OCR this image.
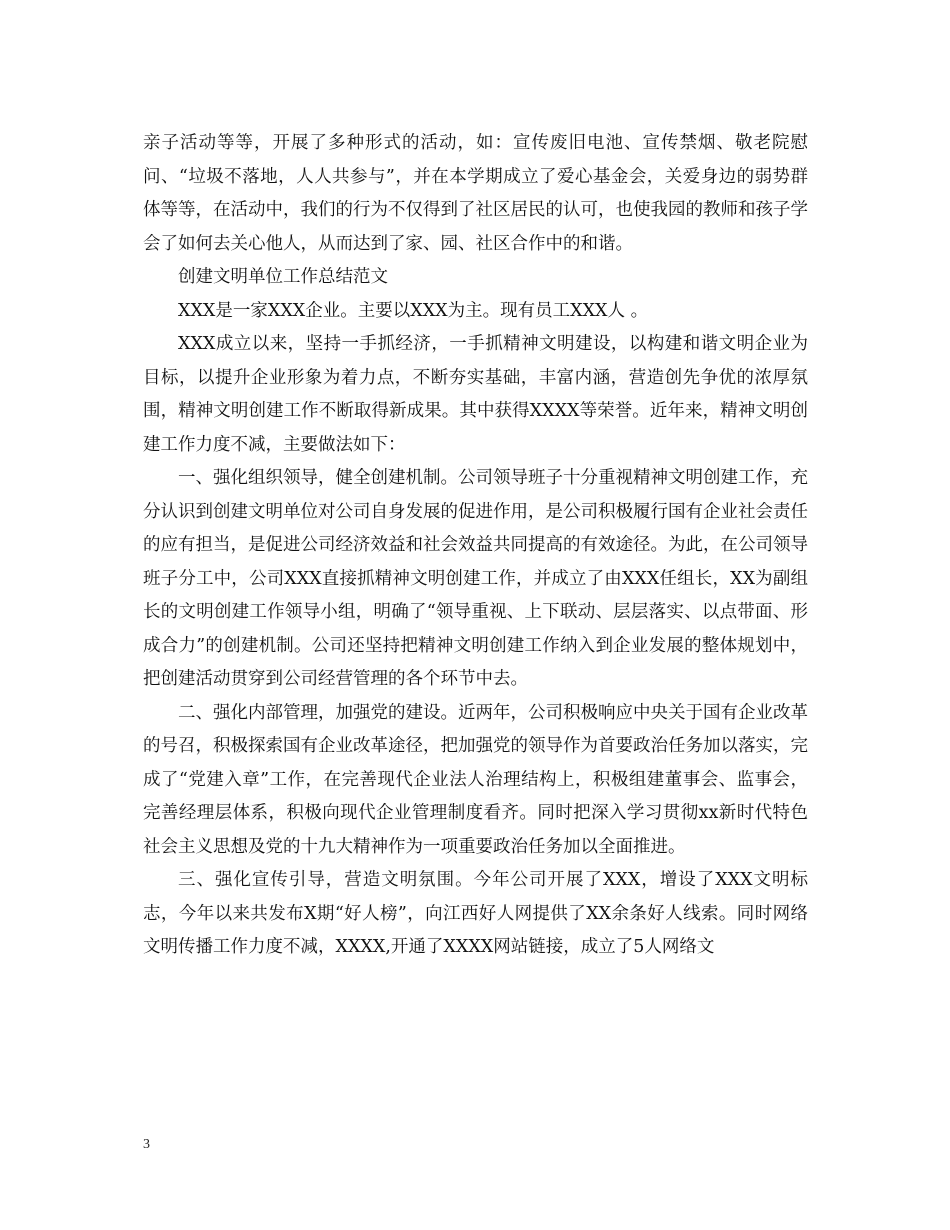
亲子活动等等，开展了多种形式的活动，如：宣传废旧电池、宣传禁烟、敬老院慰问、“垃圾不落地，人人共参与”，并在本学期成立了爱心基金会，关爱身边的弱势群体等等，在活动中，我们的行为不仅得到了社区居民的认可，也使我园的教师和孩子学会了如何去关心他人，从而达到了家、园、社区合作中的和谐。

创建文明单位工作总结范文

XXX是一家XXX企业。主要以XXX为主。现有员工XXX人 。

XXX成立以来，坚持一手抓经济，一手抓精神文明建设，以构建和谐文明企业为目标，以提升企业形象为着力点，不断夯实基础，丰富内涵，营造创先争优的浓厚氛围，精神文明创建工作不断取得新成果。其中获得XXXX等荣誉。近年来，精神文明创建工作力度不减，主要做法如下：

一、强化组织领导，健全创建机制。公司领导班子十分重视精神文明创建工作，充分认识到创建文明单位对公司自身发展的促进作用，是公司积极履行国有企业社会责任的应有担当，是促进公司经济效益和社会效益共同提高的有效途径。为此，在公司领导班子分工中，公司XXX直接抓精神文明创建工作，并成立了由XXX任组长，XX为副组长的文明创建工作领导小组，明确了“领导重视、上下联动、层层落实、以点带面、形成合力”的创建机制。公司还坚持把精神文明创建工作纳入到企业发展的整体规划中，把创建活动贯穿到公司经营管理的各个环节中去。

二、强化内部管理，加强党的建设。近两年，公司积极响应中央关于国有企业改革的号召，积极探索国有企业改革途径，把加强党的领导作为首要政治任务加以落实，完成了“党建入章”工作，在完善现代企业法人治理结构上，积极组建董事会、监事会，完善经理层体系，积极向现代企业管理制度看齐。同时把深入学习贯彻xx新时代特色社会主义思想及党的十九大精神作为一项重要政治任务加以全面推进。

三、强化宣传引导，营造文明氛围。今年公司开展了XXX，增设了XXX文明标志，今年以来共发布X期“好人榜”，向江西好人网提供了XX余条好人线索。同时网络文明传播工作力度不减，XXXX,开通了XXXX网站链接，成立了5人网络文

3
